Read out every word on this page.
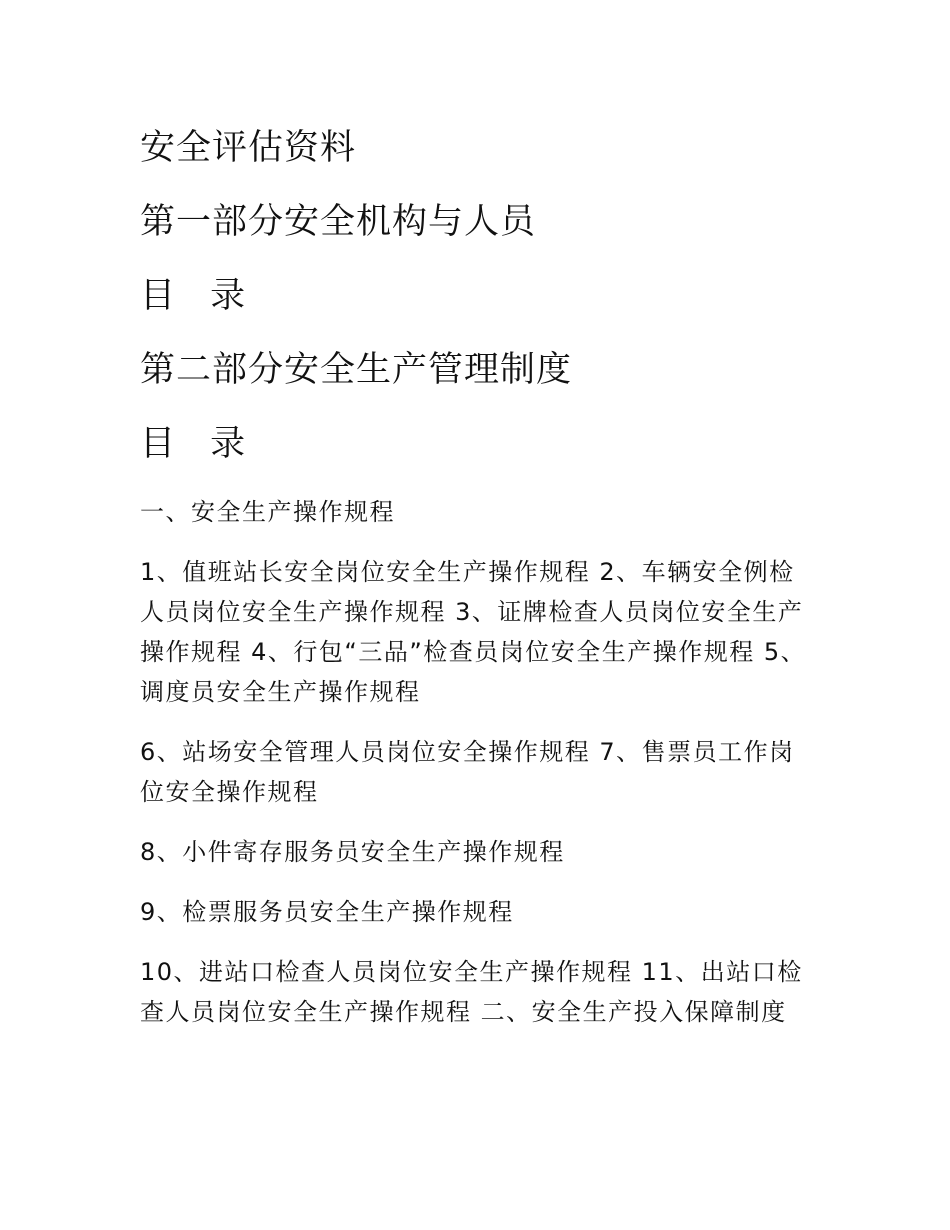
安全评估资料
第一部分安全机构与人员
目 录
第二部分安全生产管理制度
目 录

一、安全生产操作规程

1、值班站长安全岗位安全生产操作规程 2、车辆安全例检人员岗位安全生产操作规程 3、证牌检查人员岗位安全生产操作规程 4、行包“三品”检查员岗位安全生产操作规程 5、调度员安全生产操作规程

6、站场安全管理人员岗位安全操作规程 7、售票员工作岗位安全操作规程

8、小件寄存服务员安全生产操作规程

9、检票服务员安全生产操作规程

10、进站口检查人员岗位安全生产操作规程 11、出站口检查人员岗位安全生产操作规程 二、安全生产投入保障制度
